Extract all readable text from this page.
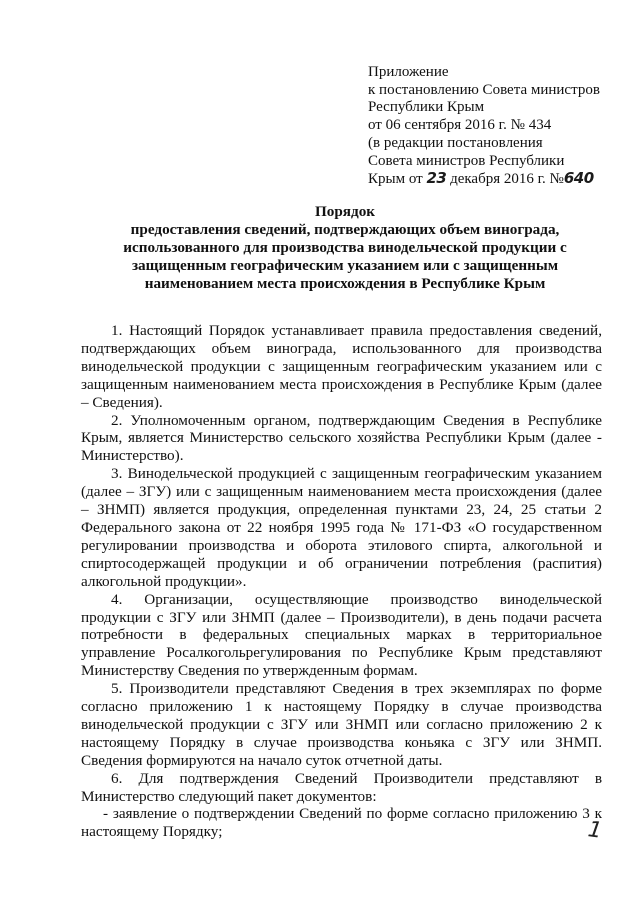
Приложение
к постановлению Совета министров
Республики Крым
от 06 сентября 2016 г. № 434
(в редакции постановления
Совета министров Республики
Крым от 23 декабря 2016 г. №640
Порядок
предоставления сведений, подтверждающих объем винограда,
использованного для производства винодельческой продукции с
защищенным географическим указанием или с защищенным
наименованием места происхождения в Республике Крым

1. Настоящий Порядок устанавливает правила предоставления сведений, подтверждающих объем винограда, использованного для производства винодельческой продукции с защищенным географическим указанием или с защищенным наименованием места происхождения в Республике Крым (далее – Сведения).

2. Уполномоченным органом, подтверждающим Сведения в Республике Крым, является Министерство сельского хозяйства Республики Крым (далее - Министерство).

3. Винодельческой продукцией с защищенным географическим указанием (далее – ЗГУ) или с защищенным наименованием места происхождения (далее – ЗНМП) является продукция, определенная пунктами 23, 24, 25 статьи 2 Федерального закона от 22 ноября 1995 года № 171-ФЗ «О государственном регулировании производства и оборота этилового спирта, алкогольной и спиртосодержащей продукции и об ограничении потребления (распития) алкогольной продукции».

4. Организации, осуществляющие производство винодельческой продукции с ЗГУ или ЗНМП (далее – Производители), в день подачи расчета потребности в федеральных специальных марках в территориальное управление Росалкогольрегулирования по Республике Крым представляют Министерству Сведения по утвержденным формам.

5. Производители представляют Сведения в трех экземплярах по форме согласно приложению 1 к настоящему Порядку в случае производства винодельческой продукции с ЗГУ или ЗНМП или согласно приложению 2 к настоящему Порядку в случае производства коньяка с ЗГУ или ЗНМП. Сведения формируются на начало суток отчетной даты.

6. Для подтверждения Сведений Производители представляют в Министерство следующий пакет документов:

- заявление о подтверждении Сведений по форме согласно приложению 3 к настоящему Порядку;	1
